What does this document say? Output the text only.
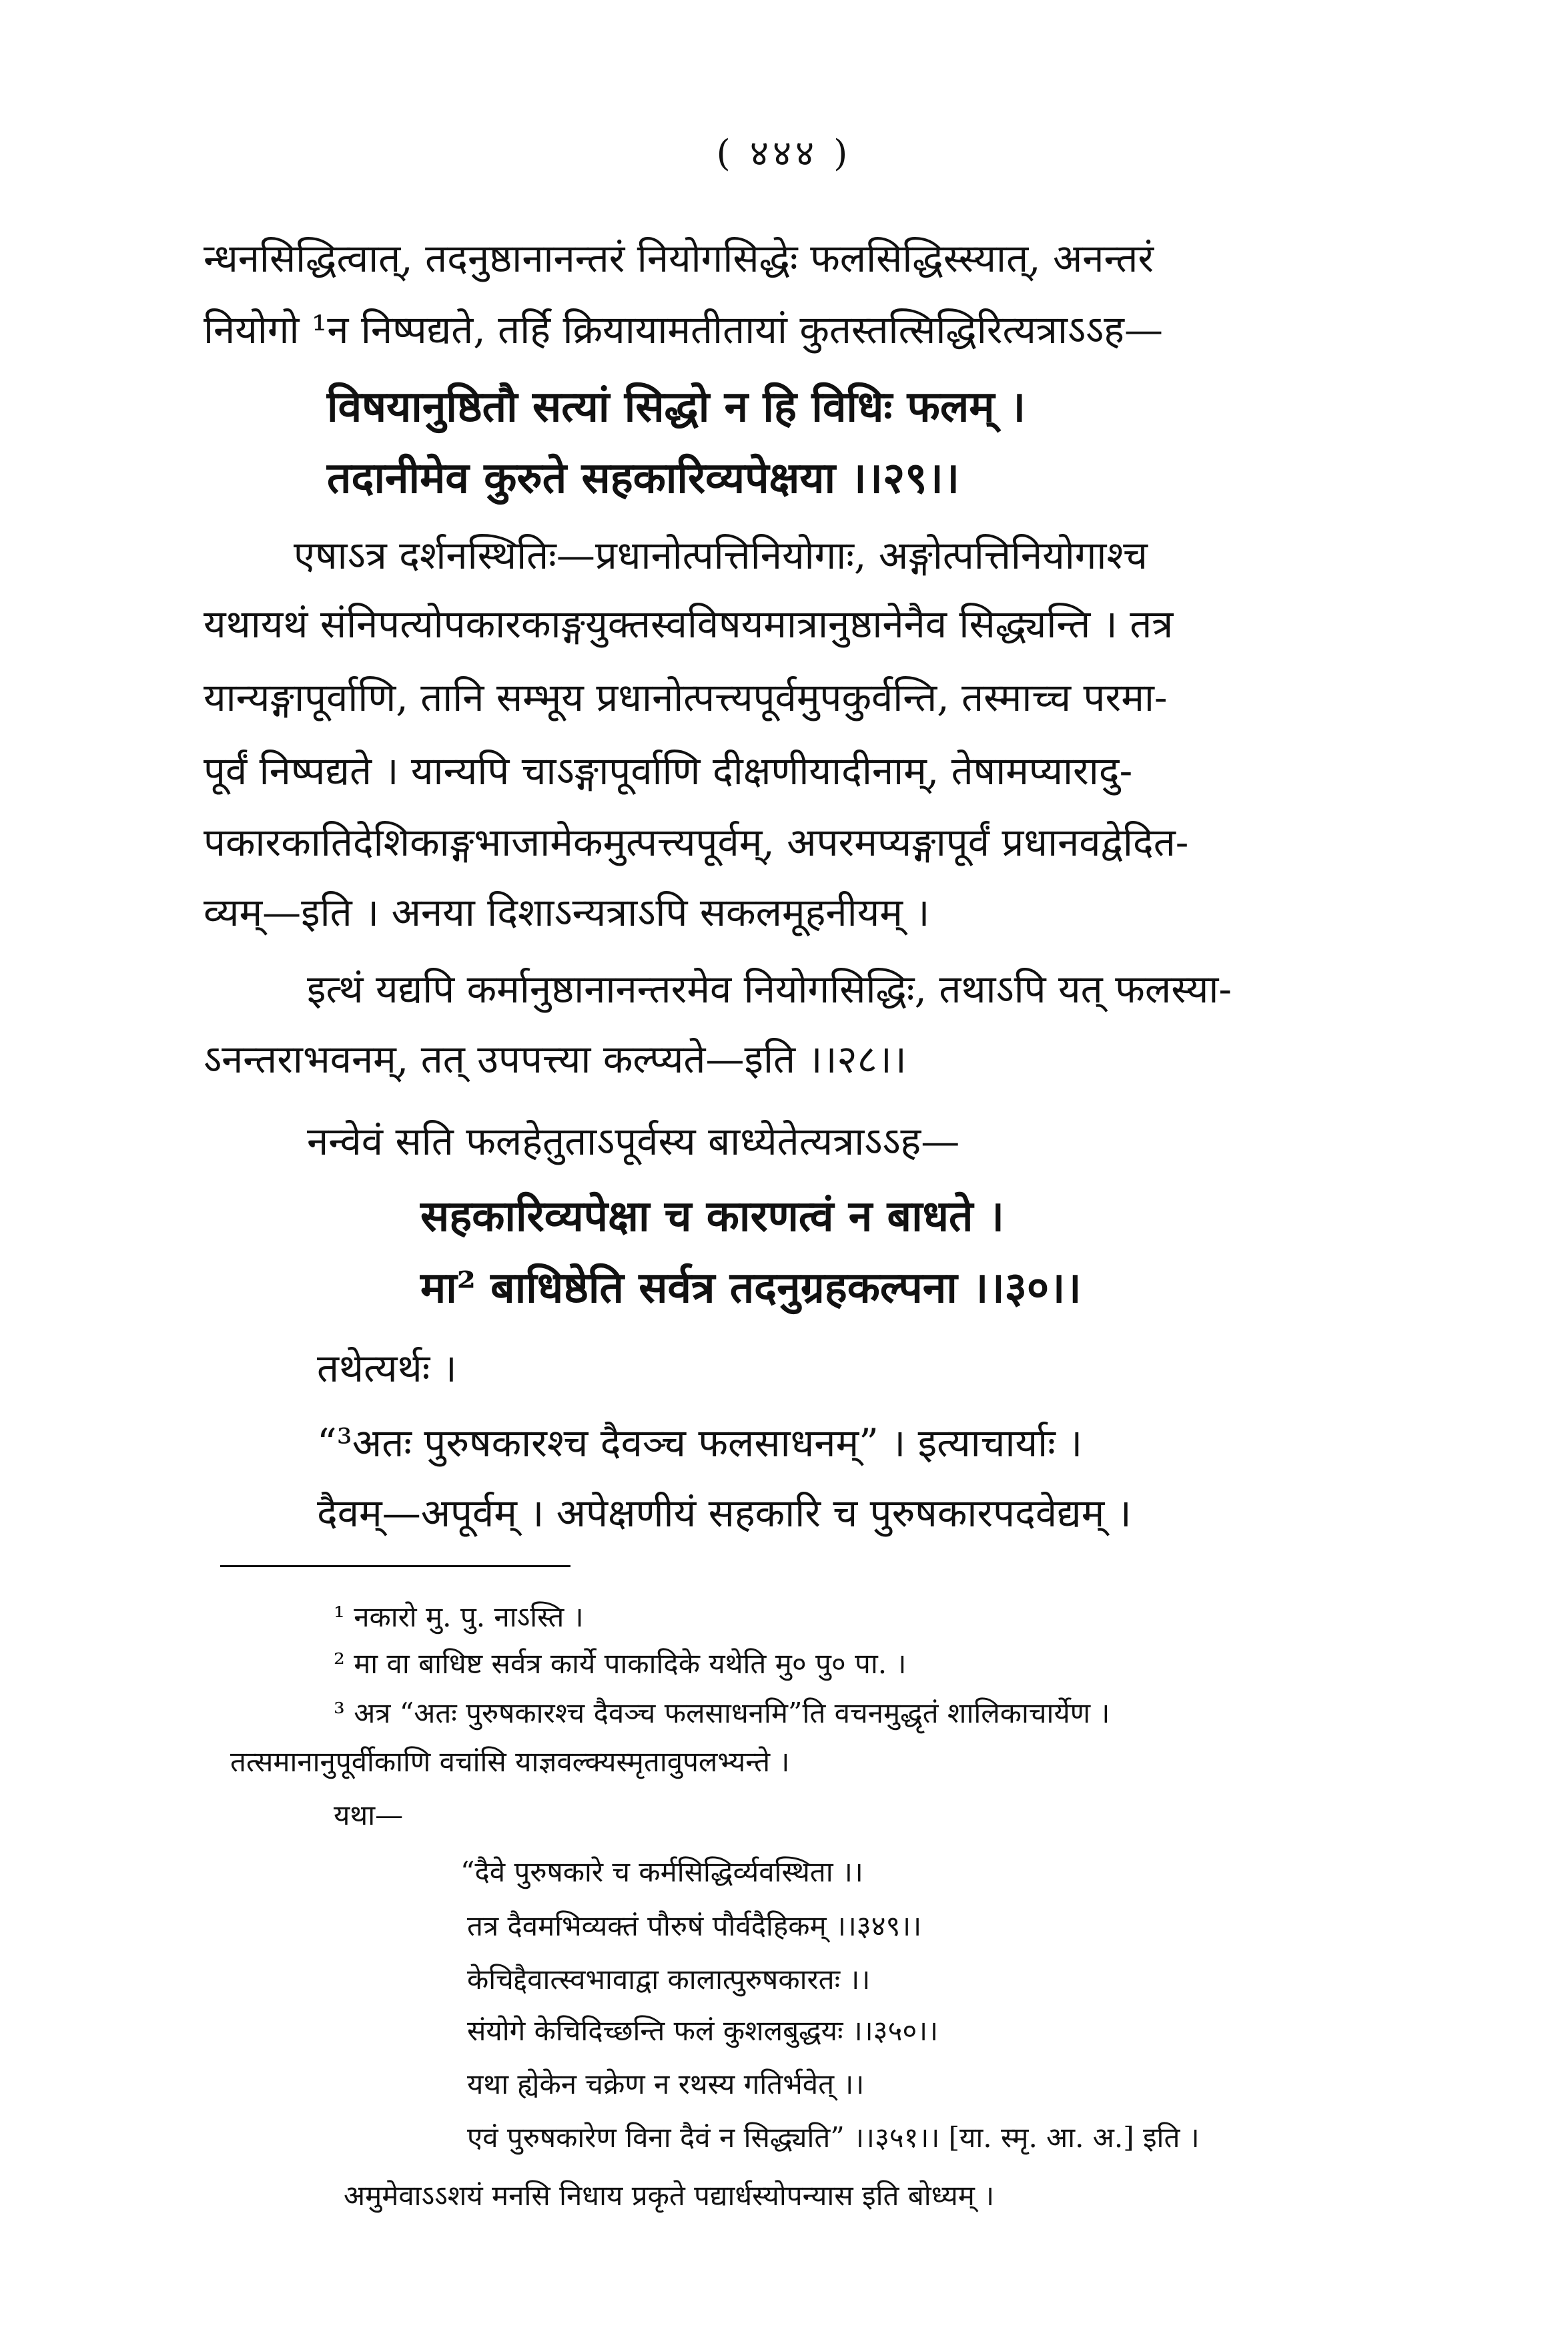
( ४४४ )
न्धनसिद्धित्वात्, तदनुष्ठानानन्तरं नियोगसिद्धेः फलसिद्धिस्स्यात्, अनन्तरं
नियोगो ¹न निष्पद्यते, तर्हि क्रियायामतीतायां कुतस्तत्सिद्धिरित्यत्राऽऽह—
विषयानुष्ठितौ सत्यां सिद्धो न हि विधिः फलम् ।
तदानीमेव कुरुते सहकारिव्यपेक्षया ।।२९।।
एषाऽत्र दर्शनस्थितिः—प्रधानोत्पत्तिनियोगाः, अङ्गोत्पत्तिनियोगाश्च
यथायथं संनिपत्योपकारकाङ्गयुक्तस्वविषयमात्रानुष्ठानेनैव सिद्ध्यन्ति । तत्र
यान्यङ्गापूर्वाणि, तानि सम्भूय प्रधानोत्पत्त्यपूर्वमुपकुर्वन्ति, तस्माच्च परमा-
पूर्वं निष्पद्यते । यान्यपि चाऽङ्गापूर्वाणि दीक्षणीयादीनाम्, तेषामप्यारादु-
पकारकातिदेशिकाङ्गभाजामेकमुत्पत्त्यपूर्वम्, अपरमप्यङ्गापूर्वं प्रधानवद्वेदित-
व्यम्—इति । अनया दिशाऽन्यत्राऽपि सकलमूहनीयम् ।
इत्थं यद्यपि कर्मानुष्ठानानन्तरमेव नियोगसिद्धिः, तथाऽपि यत् फलस्या-
ऽनन्तराभवनम्, तत् उपपत्त्या कल्प्यते—इति ।।२८।।
नन्वेवं सति फलहेतुताऽपूर्वस्य बाध्येतेत्यत्राऽऽह—
सहकारिव्यपेक्षा च कारणत्वं न बाधते ।
मा² बाधिष्ठेति सर्वत्र तदनुग्रहकल्पना ।।३०।।
तथेत्यर्थः ।
“³अतः पुरुषकारश्च दैवञ्च फलसाधनम्” । इत्याचार्याः ।
दैवम्—अपूर्वम् । अपेक्षणीयं सहकारि च पुरुषकारपदवेद्यम् ।
¹ नकारो मु. पु. नाऽस्ति ।
² मा वा बाधिष्ट सर्वत्र कार्ये पाकादिके यथेति मु० पु० पा. ।
³ अत्र “अतः पुरुषकारश्च दैवञ्च फलसाधनमि”ति वचनमुद्धृतं शालिकाचार्येण ।
तत्समानानुपूर्वीकाणि वचांसि याज्ञवल्क्यस्मृतावुपलभ्यन्ते ।
यथा—
“दैवे पुरुषकारे च कर्मसिद्धिर्व्यवस्थिता ।।
तत्र दैवमभिव्यक्तं पौरुषं पौर्वदैहिकम् ।।३४९।।
केचिद्दैवात्स्वभावाद्वा कालात्पुरुषकारतः ।।
संयोगे केचिदिच्छन्ति फलं कुशलबुद्धयः ।।३५०।।
यथा ह्येकेन चक्रेण न रथस्य गतिर्भवेत् ।।
एवं पुरुषकारेण विना दैवं न सिद्ध्यति” ।।३५१।। [या. स्मृ. आ. अ.] इति ।
अमुमेवाऽऽशयं मनसि निधाय प्रकृते पद्यार्धस्योपन्यास इति बोध्यम् ।
